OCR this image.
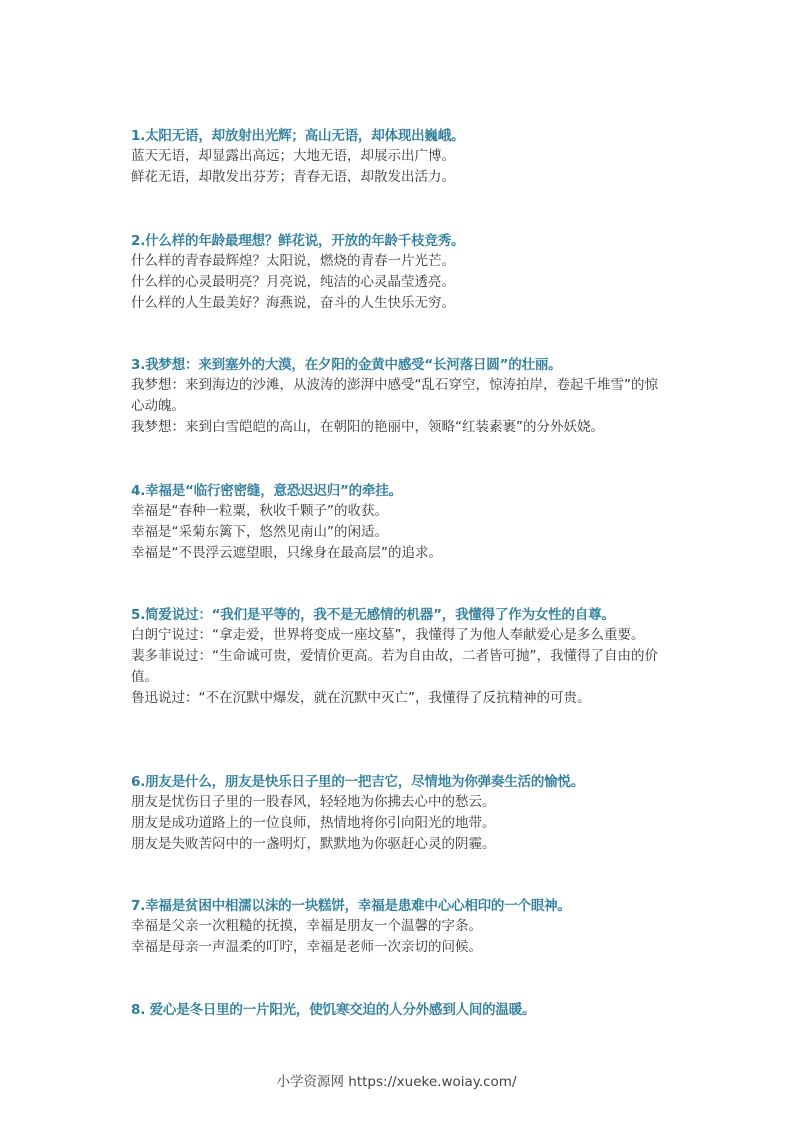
1.太阳无语，却放射出光辉；高山无语，却体现出巍峨。

蓝天无语，却显露出高远；大地无语，却展示出广博。

鲜花无语，却散发出芬芳；青春无语，却散发出活力。

2.什么样的年龄最理想？鲜花说，开放的年龄千枝竞秀。

什么样的青春最辉煌？太阳说，燃烧的青春一片光芒。

什么样的心灵最明亮？月亮说，纯洁的心灵晶莹透亮。

什么样的人生最美好？海燕说，奋斗的人生快乐无穷。

3.我梦想：来到塞外的大漠，在夕阳的金黄中感受“长河落日圆”的壮丽。

我梦想：来到海边的沙滩，从波涛的澎湃中感受“乱石穿空，惊涛拍岸，卷起千堆雪”的惊心动魄。

我梦想：来到白雪皑皑的高山，在朝阳的艳丽中，领略“红装素裹”的分外妖娆。

4.幸福是“临行密密缝，意恐迟迟归”的牵挂。

幸福是“春种一粒粟，秋收千颗子”的收获。

幸福是“采菊东篱下，悠然见南山”的闲适。

幸福是“不畏浮云遮望眼，只缘身在最高层”的追求。

5.简爱说过：“我们是平等的，我不是无感情的机器”，我懂得了作为女性的自尊。

白朗宁说过：“拿走爱，世界将变成一座坟墓”，我懂得了为他人奉献爱心是多么重要。

裴多菲说过：“生命诚可贵，爱情价更高。若为自由故，二者皆可抛”，我懂得了自由的价值。

鲁迅说过：“不在沉默中爆发，就在沉默中灭亡”，我懂得了反抗精神的可贵。

6.朋友是什么，朋友是快乐日子里的一把吉它，尽情地为你弹奏生活的愉悦。

朋友是忧伤日子里的一股春风，轻轻地为你拂去心中的愁云。

朋友是成功道路上的一位良师，热情地将你引向阳光的地带。

朋友是失败苦闷中的一盏明灯，默默地为你驱赶心灵的阴霾。

7.幸福是贫困中相濡以沫的一块糕饼，幸福是患难中心心相印的一个眼神。

幸福是父亲一次粗糙的抚摸，幸福是朋友一个温馨的字条。

幸福是母亲一声温柔的叮咛，幸福是老师一次亲切的问候。

8. 爱心是冬日里的一片阳光，使饥寒交迫的人分外感到人间的温暖。

小学资源网 https://xueke.woiay.com/
